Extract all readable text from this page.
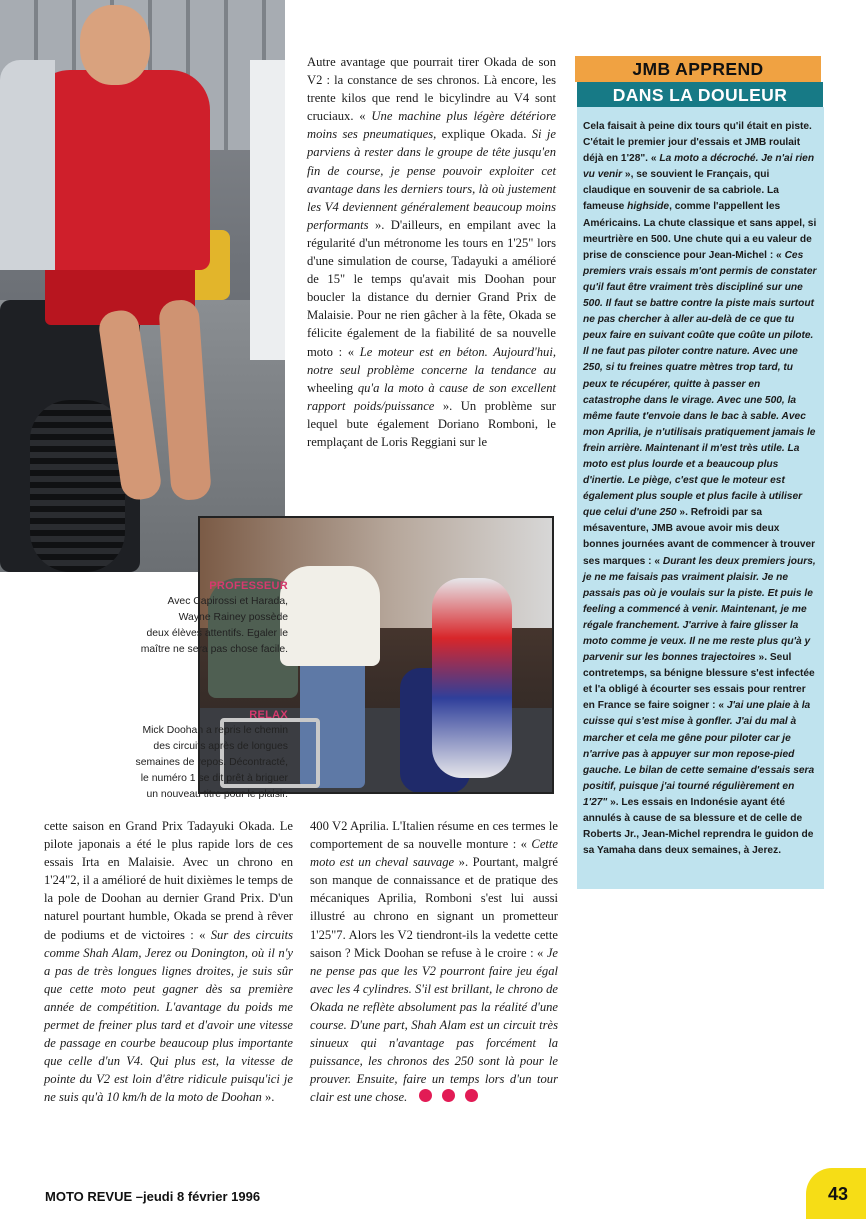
PROFESSEUR
Avec Capirossi et Harada,
Wayne Rainey possède
deux élèves attentifs. Egaler le
maître ne sera pas chose facile.
RELAX
Mick Doohan a repris le chemin
des circuits après de longues
semaines de repos. Décontracté,
le numéro 1 se dit prêt à briguer
un nouveau titre pour le plaisir.

Autre avantage que pourrait tirer Okada de son V2 : la constance de ses chronos. Là encore, les trente kilos que rend le bicylindre au V4 sont cruciaux. « Une machine plus légère détériore moins ses pneumatiques, explique Okada. Si je parviens à rester dans le groupe de tête jusqu'en fin de course, je pense pouvoir exploiter cet avantage dans les derniers tours, là où justement les V4 deviennent généralement beaucoup moins performants ». D'ailleurs, en empilant avec la régularité d'un métronome les tours en 1'25" lors d'une simulation de course, Tadayuki a amélioré de 15" le temps qu'avait mis Doohan pour boucler la distance du dernier Grand Prix de Malaisie. Pour ne rien gâcher à la fête, Okada se félicite également de la fiabilité de sa nouvelle moto : « Le moteur est en béton. Aujourd'hui, notre seul problème concerne la tendance au wheeling qu'a la moto à cause de son excellent rapport poids/puissance ». Un problème sur lequel bute également Doriano Romboni, le remplaçant de Loris Reggiani sur le

cette saison en Grand Prix Tadayuki Okada. Le pilote japonais a été le plus rapide lors de ces essais Irta en Malaisie. Avec un chrono en 1'24"2, il a amélioré de huit dixièmes le temps de la pole de Doohan au dernier Grand Prix. D'un naturel pourtant humble, Okada se prend à rêver de podiums et de victoires : « Sur des circuits comme Shah Alam, Jerez ou Donington, où il n'y a pas de très longues lignes droites, je suis sûr que cette moto peut gagner dès sa première année de compétition. L'avantage du poids me permet de freiner plus tard et d'avoir une vitesse de passage en courbe beaucoup plus importante que celle d'un V4. Qui plus est, la vitesse de pointe du V2 est loin d'être ridicule puisqu'ici je ne suis qu'à 10 km/h de la moto de Doohan ».

400 V2 Aprilia. L'Italien résume en ces termes le comportement de sa nouvelle monture : « Cette moto est un cheval sauvage ». Pourtant, malgré son manque de connaissance et de pratique des mécaniques Aprilia, Romboni s'est lui aussi illustré au chrono en signant un prometteur 1'25"7. Alors les V2 tiendront-ils la vedette cette saison ? Mick Doohan se refuse à le croire : « Je ne pense pas que les V2 pourront faire jeu égal avec les 4 cylindres. S'il est brillant, le chrono de Okada ne reflète absolument pas la réalité d'une course. D'une part, Shah Alam est un circuit très sinueux qui n'avantage pas forcément la puissance, les chronos des 250 sont là pour le prouver. Ensuite, faire un temps lors d'un tour clair est une chose.

JMB APPREND
DANS LA DOULEUR
Cela faisait à peine dix tours qu'il était en piste. C'était le premier jour d'essais et JMB roulait déjà en 1'28". « La moto a décroché. Je n'ai rien vu venir », se souvient le Français, qui claudique en souvenir de sa cabriole. La fameuse highside, comme l'appellent les Américains. La chute classique et sans appel, si meurtrière en 500. Une chute qui a eu valeur de prise de conscience pour Jean-Michel : « Ces premiers vrais essais m'ont permis de constater qu'il faut être vraiment très discipliné sur une 500. Il faut se battre contre la piste mais surtout ne pas chercher à aller au-delà de ce que tu peux faire en suivant coûte que coûte un pilote. Il ne faut pas piloter contre nature. Avec une 250, si tu freines quatre mètres trop tard, tu peux te récupérer, quitte à passer en catastrophe dans le virage. Avec une 500, la même faute t'envoie dans le bac à sable. Avec mon Aprilia, je n'utilisais pratiquement jamais le frein arrière. Maintenant il m'est très utile. La moto est plus lourde et a beaucoup plus d'inertie. Le piège, c'est que le moteur est également plus souple et plus facile à utiliser que celui d'une 250 ». Refroidi par sa mésaventure, JMB avoue avoir mis deux bonnes journées avant de commencer à trouver ses marques : « Durant les deux premiers jours, je ne me faisais pas vraiment plaisir. Je ne passais pas où je voulais sur la piste. Et puis le feeling a commencé à venir. Maintenant, je me régale franchement. J'arrive à faire glisser la moto comme je veux. Il ne me reste plus qu'à y parvenir sur les bonnes trajectoires ». Seul contretemps, sa bénigne blessure s'est infectée et l'a obligé à écourter ses essais pour rentrer en France se faire soigner : « J'ai une plaie à la cuisse qui s'est mise à gonfler. J'ai du mal à marcher et cela me gêne pour piloter car je n'arrive pas à appuyer sur mon repose-pied gauche. Le bilan de cette semaine d'essais sera positif, puisque j'ai tourné régulièrement en 1'27" ». Les essais en Indonésie ayant été annulés à cause de sa blessure et de celle de Roberts Jr., Jean-Michel reprendra le guidon de sa Yamaha dans deux semaines, à Jerez.
MOTO REVUE –jeudi 8 février 1996	43
